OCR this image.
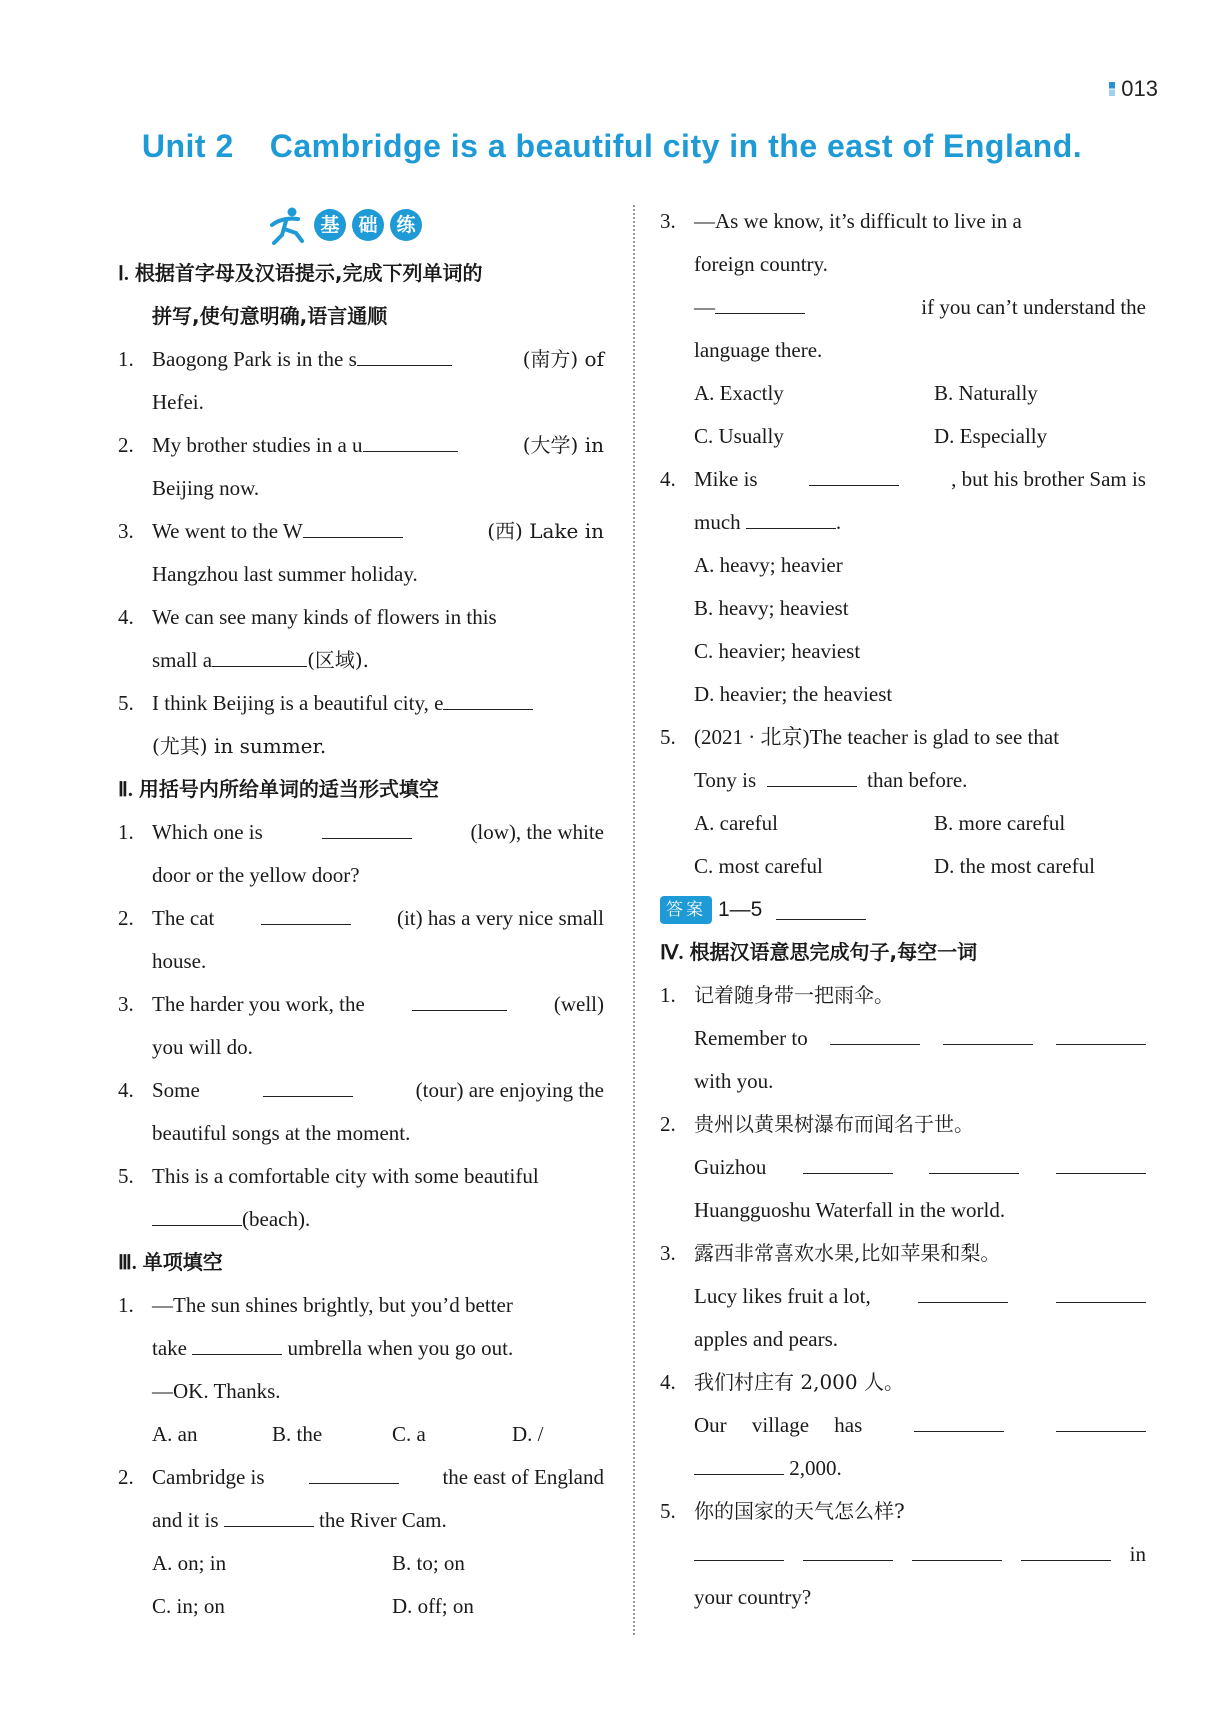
013
Unit 2 Cambridge is a beautiful city in the east of England.
基 础 练
Ⅰ. 根据首字母及汉语提示,完成下列单词的
拼写,使句意明确,语言通顺
1. Baogong Park is in the s	(南方) of
Hefei.
2. My brother studies in a u	(大学) in
Beijing now.
3. We went to the W	(西) Lake in
Hangzhou last summer holiday.
4. We can see many kinds of flowers in this
small a	(区域).
5. I think Beijing is a beautiful city, e
(尤其) in summer.
Ⅱ. 用括号内所给单词的适当形式填空
1. Which one is	(low), the white
door or the yellow door?
2. The cat	(it) has a very nice small
house.
3. The harder you work, the	(well)
you will do.
4. Some	(tour) are enjoying the
beautiful songs at the moment.
5. This is a comfortable city with some beautiful
(beach).
Ⅲ. 单项填空
1. —The sun shines brightly, but you’d better
take

	umbrella when you go out.
—OK. Thanks.
A. an	B. the	C. a	D. /
2. Cambridge is	the east of England
and it is

	the River Cam.
A. on; in	B. to; on
C. in; on	D. off; on
3. —As we know, it’s difficult to live in a
foreign country.
—	if you can’t understand the
language there.
A. Exactly	B. Naturally
C. Usually	D. Especially
4. Mike is	, but his brother Sam is
much
	.
A. heavy; heavier
B. heavy; heaviest
C. heavier; heaviest
D. heavier; the heaviest
5. (2021 · 北京)The teacher is glad to see that
Tony is

	than before.
A. careful	B. more careful
C. most careful	D. the most careful
答案 1—5
Ⅳ. 根据汉语意思完成句子,每空一词
1. 记着随身带一把雨伞。
Remember to
with you.
2. 贵州以黄果树瀑布而闻名于世。
Guizhou
Huangguoshu Waterfall in the world.
3. 露西非常喜欢水果,比如苹果和梨。
Lucy likes fruit a lot,
apples and pears.
4. 我们村庄有 2,000 人。
Our village has

2,000.
5. 你的国家的天气怎么样?
in
your country?
